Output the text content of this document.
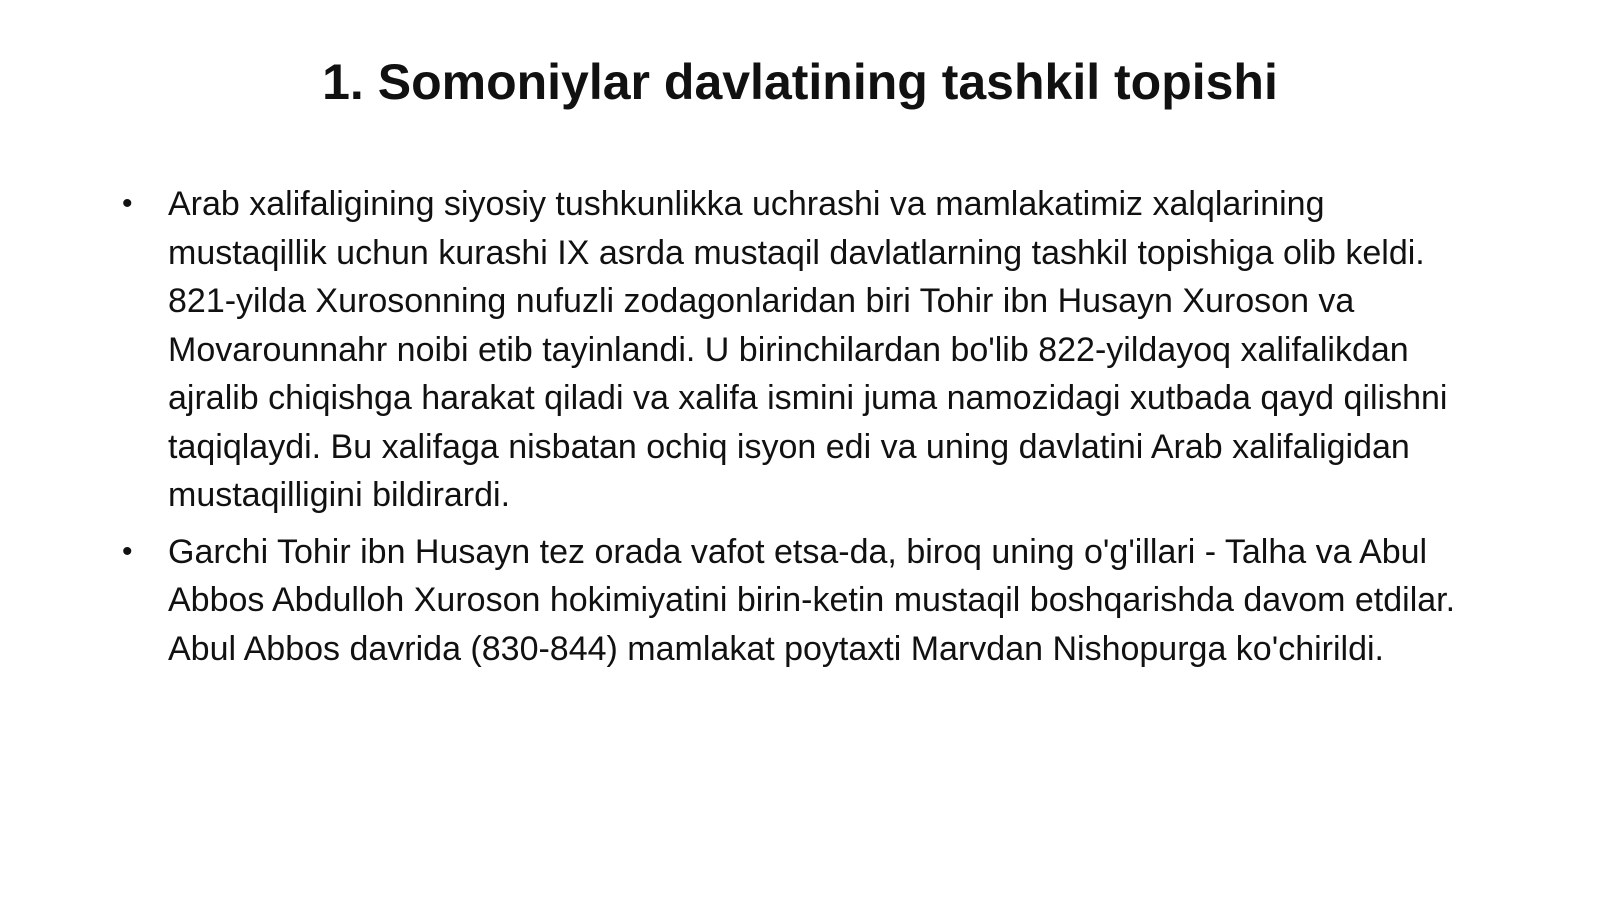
1. Somoniylar davlatining tashkil topishi
• Arab xalifaligining siyosiy tushkunlikka uchrashi va mamlakatimiz xalqlarining mustaqillik uchun kurashi IX asrda mustaqil davlatlarning tashkil topishiga olib keldi. 821-yilda Xurosonning nufuzli zodagonlaridan biri Tohir ibn Husayn Xuroson va Movarounnahr noibi etib tayinlandi. U birinchilardan bo'lib 822-yildayoq xalifalikdan ajralib chiqishga harakat qiladi va xalifa ismini juma namozidagi xutbada qayd qilishni taqiqlaydi. Bu xalifaga nisbatan ochiq isyon edi va uning davlatini Arab xalifaligidan mustaqilligini bildirardi.
• Garchi Tohir ibn Husayn tez orada vafot etsa-da, biroq uning o'g'illari - Talha va Abul Abbos Abdulloh Xuroson hokimiyatini birin-ketin mustaqil boshqarishda davom etdilar. Abul Abbos davrida (830-844) mamlakat poytaxti Marvdan Nishopurga ko'chirildi.
